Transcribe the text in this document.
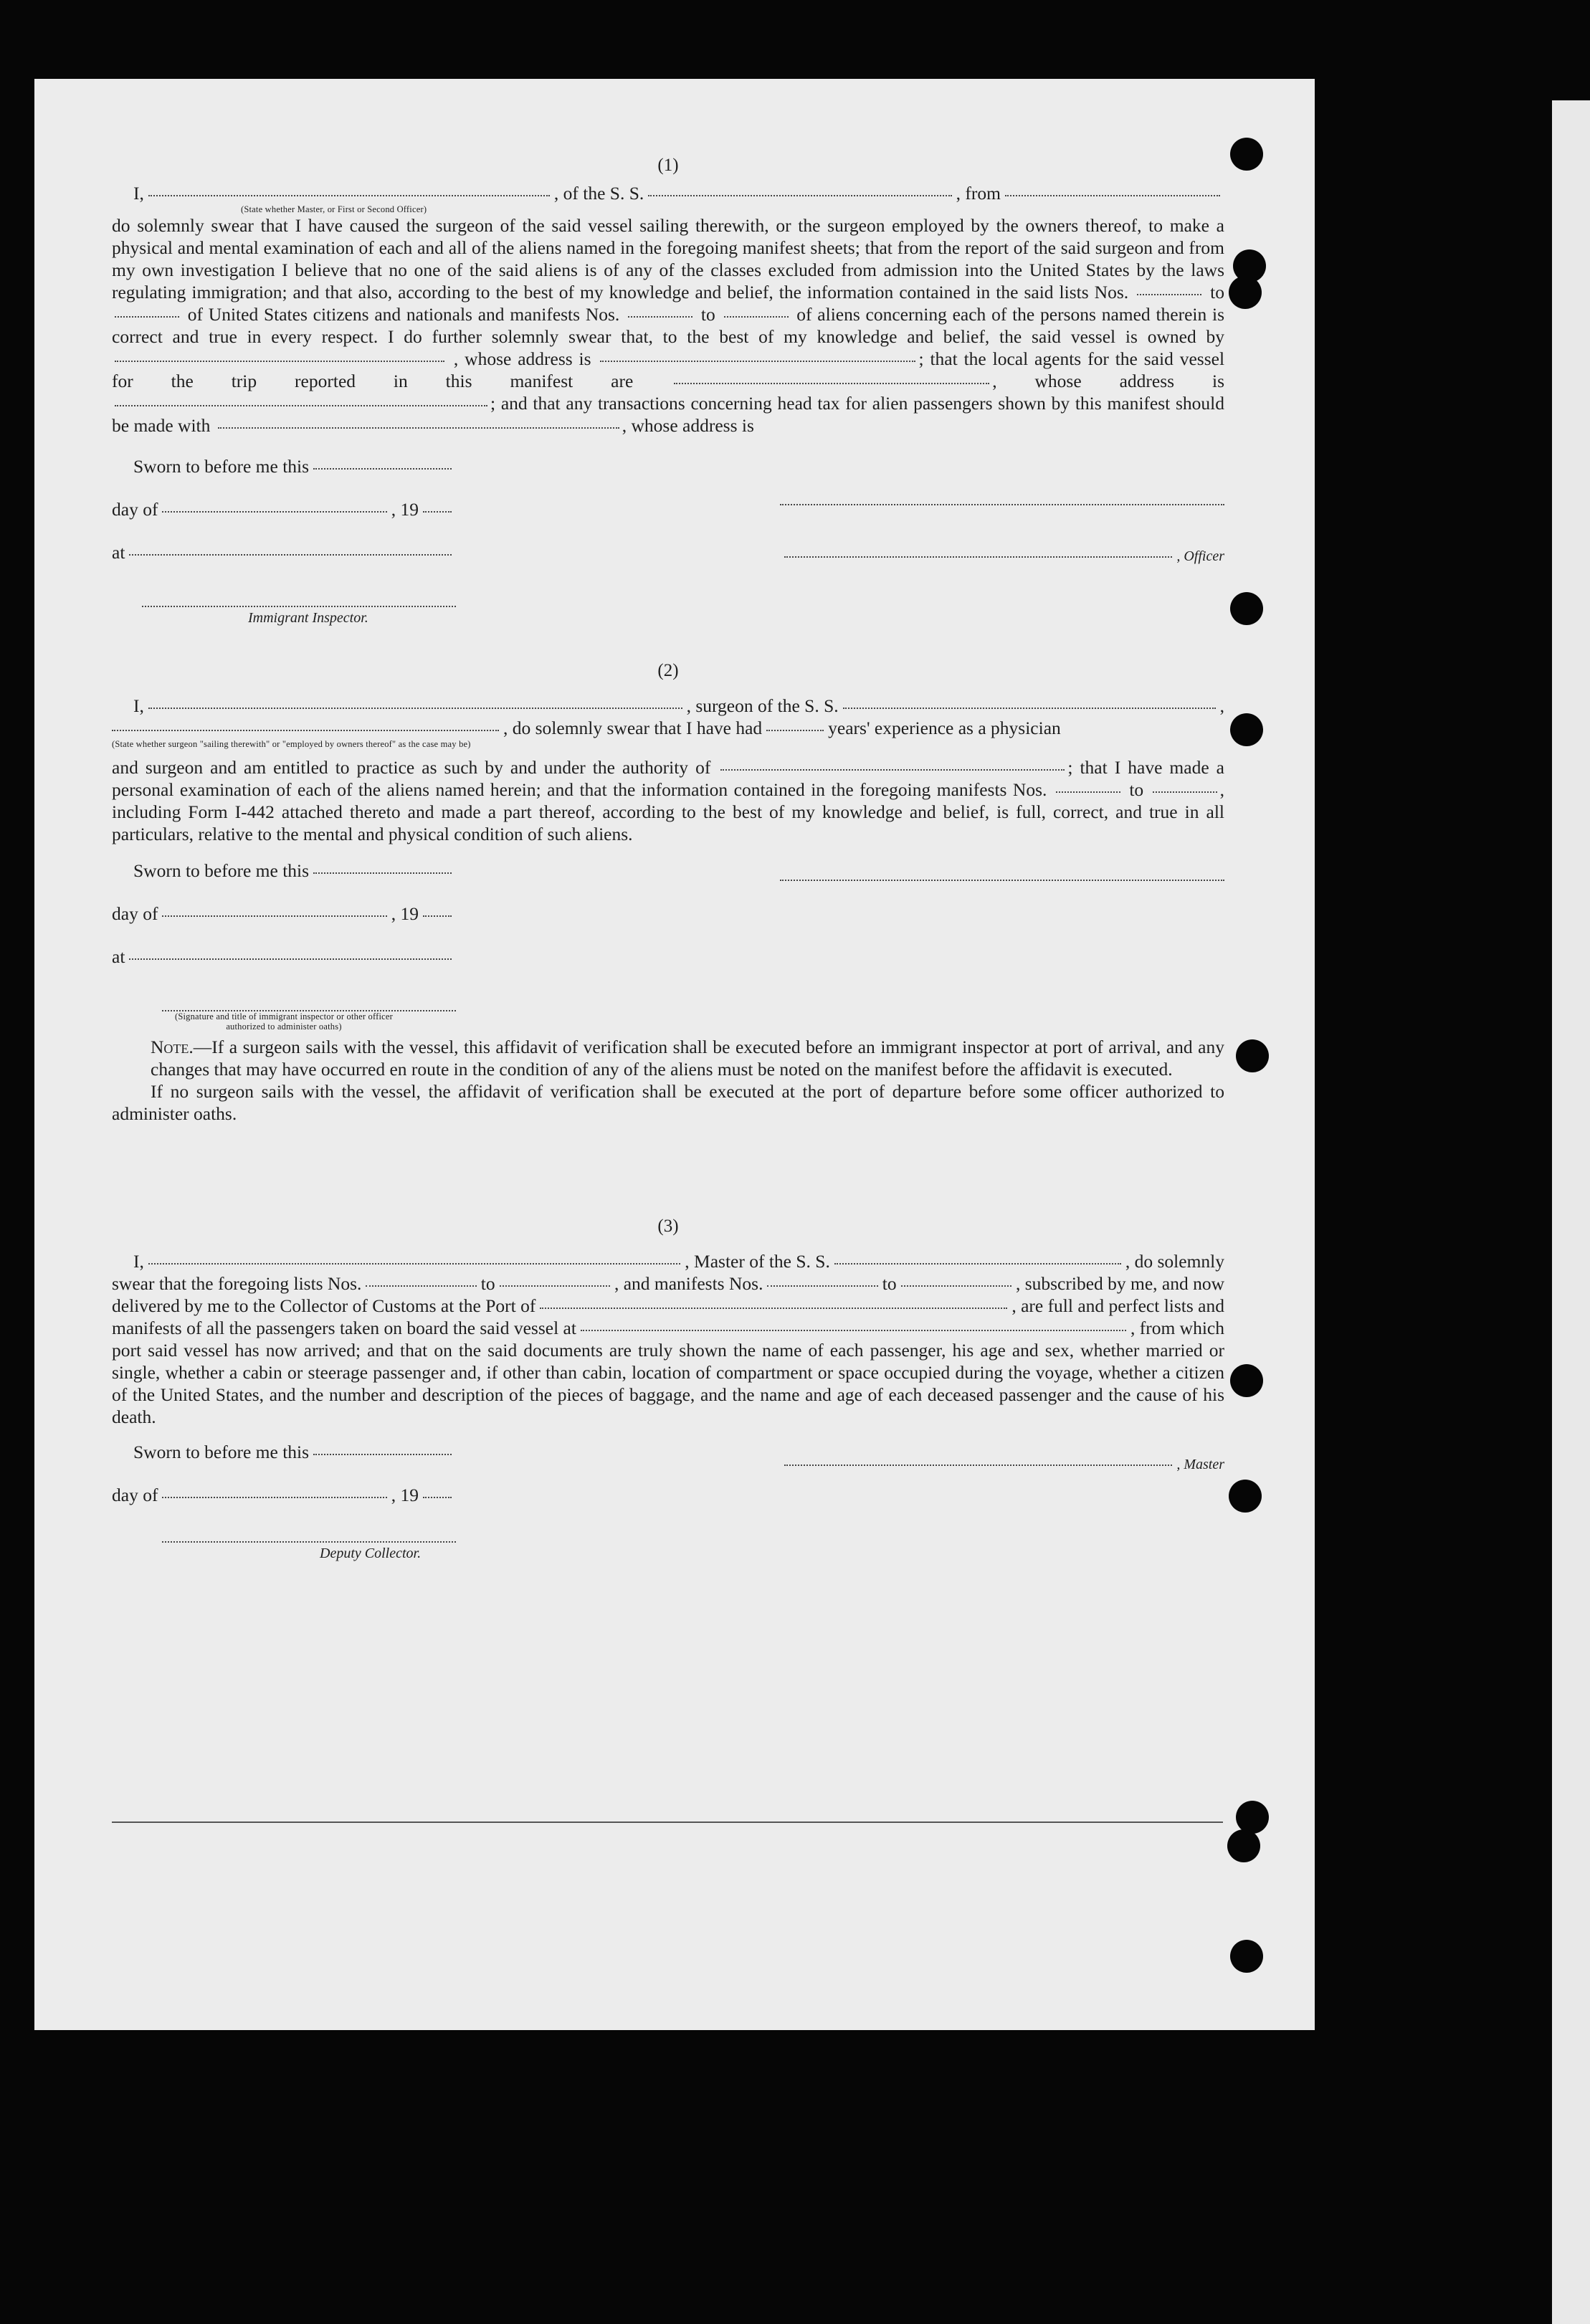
(1)
I,	, of the S. S.	, from
(State whether Master, or First or Second Officer)

do solemnly swear that I have caused the surgeon of the said vessel sailing therewith, or the surgeon employed by the owners thereof, to make a physical and mental examination of each and all of the aliens named in the foregoing manifest sheets; that from the report of the said surgeon and from my own investigation I believe that no one of the said aliens is of any of the classes excluded from admission into the United States by the laws regulating immigration; and that also, according to the best of my knowledge and belief, the information contained in the said lists Nos.	to  of United States citizens and nationals and manifests Nos.	to	of aliens concerning each of the persons named therein is correct and true in every respect. I do further solemnly swear that, to the best of my knowledge and belief, the said vessel is owned by  , whose address is	; that the local agents for the said vessel for the trip reported in this manifest are	, whose address is ; and that any transactions concerning head tax for alien passengers shown by this manifest should be made with	, whose address is

Sworn to before me this
day of	, 19
at
Immigrant Inspector.
, Officer
(2)
I,	, surgeon of the S. S.	,
, do solemnly swear that I have had	years' experience as a physician
(State whether surgeon "sailing therewith" or "employed by owners thereof" as the case may be)

and surgeon and am entitled to practice as such by and under the authority of	; that I have made a personal examination of each of the aliens named herein; and that the information contained in the foregoing manifests Nos.	to	, including Form I-442 attached thereto and made a part thereof, according to the best of my knowledge and belief, is full, correct, and true in all particulars, relative to the mental and physical condition of such aliens.

Sworn to before me this
day of	, 19
at
(Signature and title of immigrant inspector or other officer authorized to administer oaths)

Note.—If a surgeon sails with the vessel, this affidavit of verification shall be executed before an immigrant inspector at port of arrival, and any changes that may have occurred en route in the condition of any of the aliens must be noted on the manifest before the affidavit is executed.

If no surgeon sails with the vessel, the affidavit of verification shall be executed at the port of departure before some officer authorized to administer oaths.

(3)
I,	, Master of the S. S.	, do solemnly
swear that the foregoing lists Nos.	to	, and manifests Nos.	to	, subscribed by me, and now
delivered by me to the Collector of Customs at the Port of	, are full and perfect lists and
manifests of all the passengers taken on board the said vessel at	, from which

port said vessel has now arrived; and that on the said documents are truly shown the name of each passenger, his age and sex, whether married or single, whether a cabin or steerage passenger and, if other than cabin, location of compartment or space occupied during the voyage, whether a citizen of the United States, and the number and description of the pieces of baggage, and the name and age of each deceased passenger and the cause of his death.

Sworn to before me this
day of	, 19
Deputy Collector.
, Master
